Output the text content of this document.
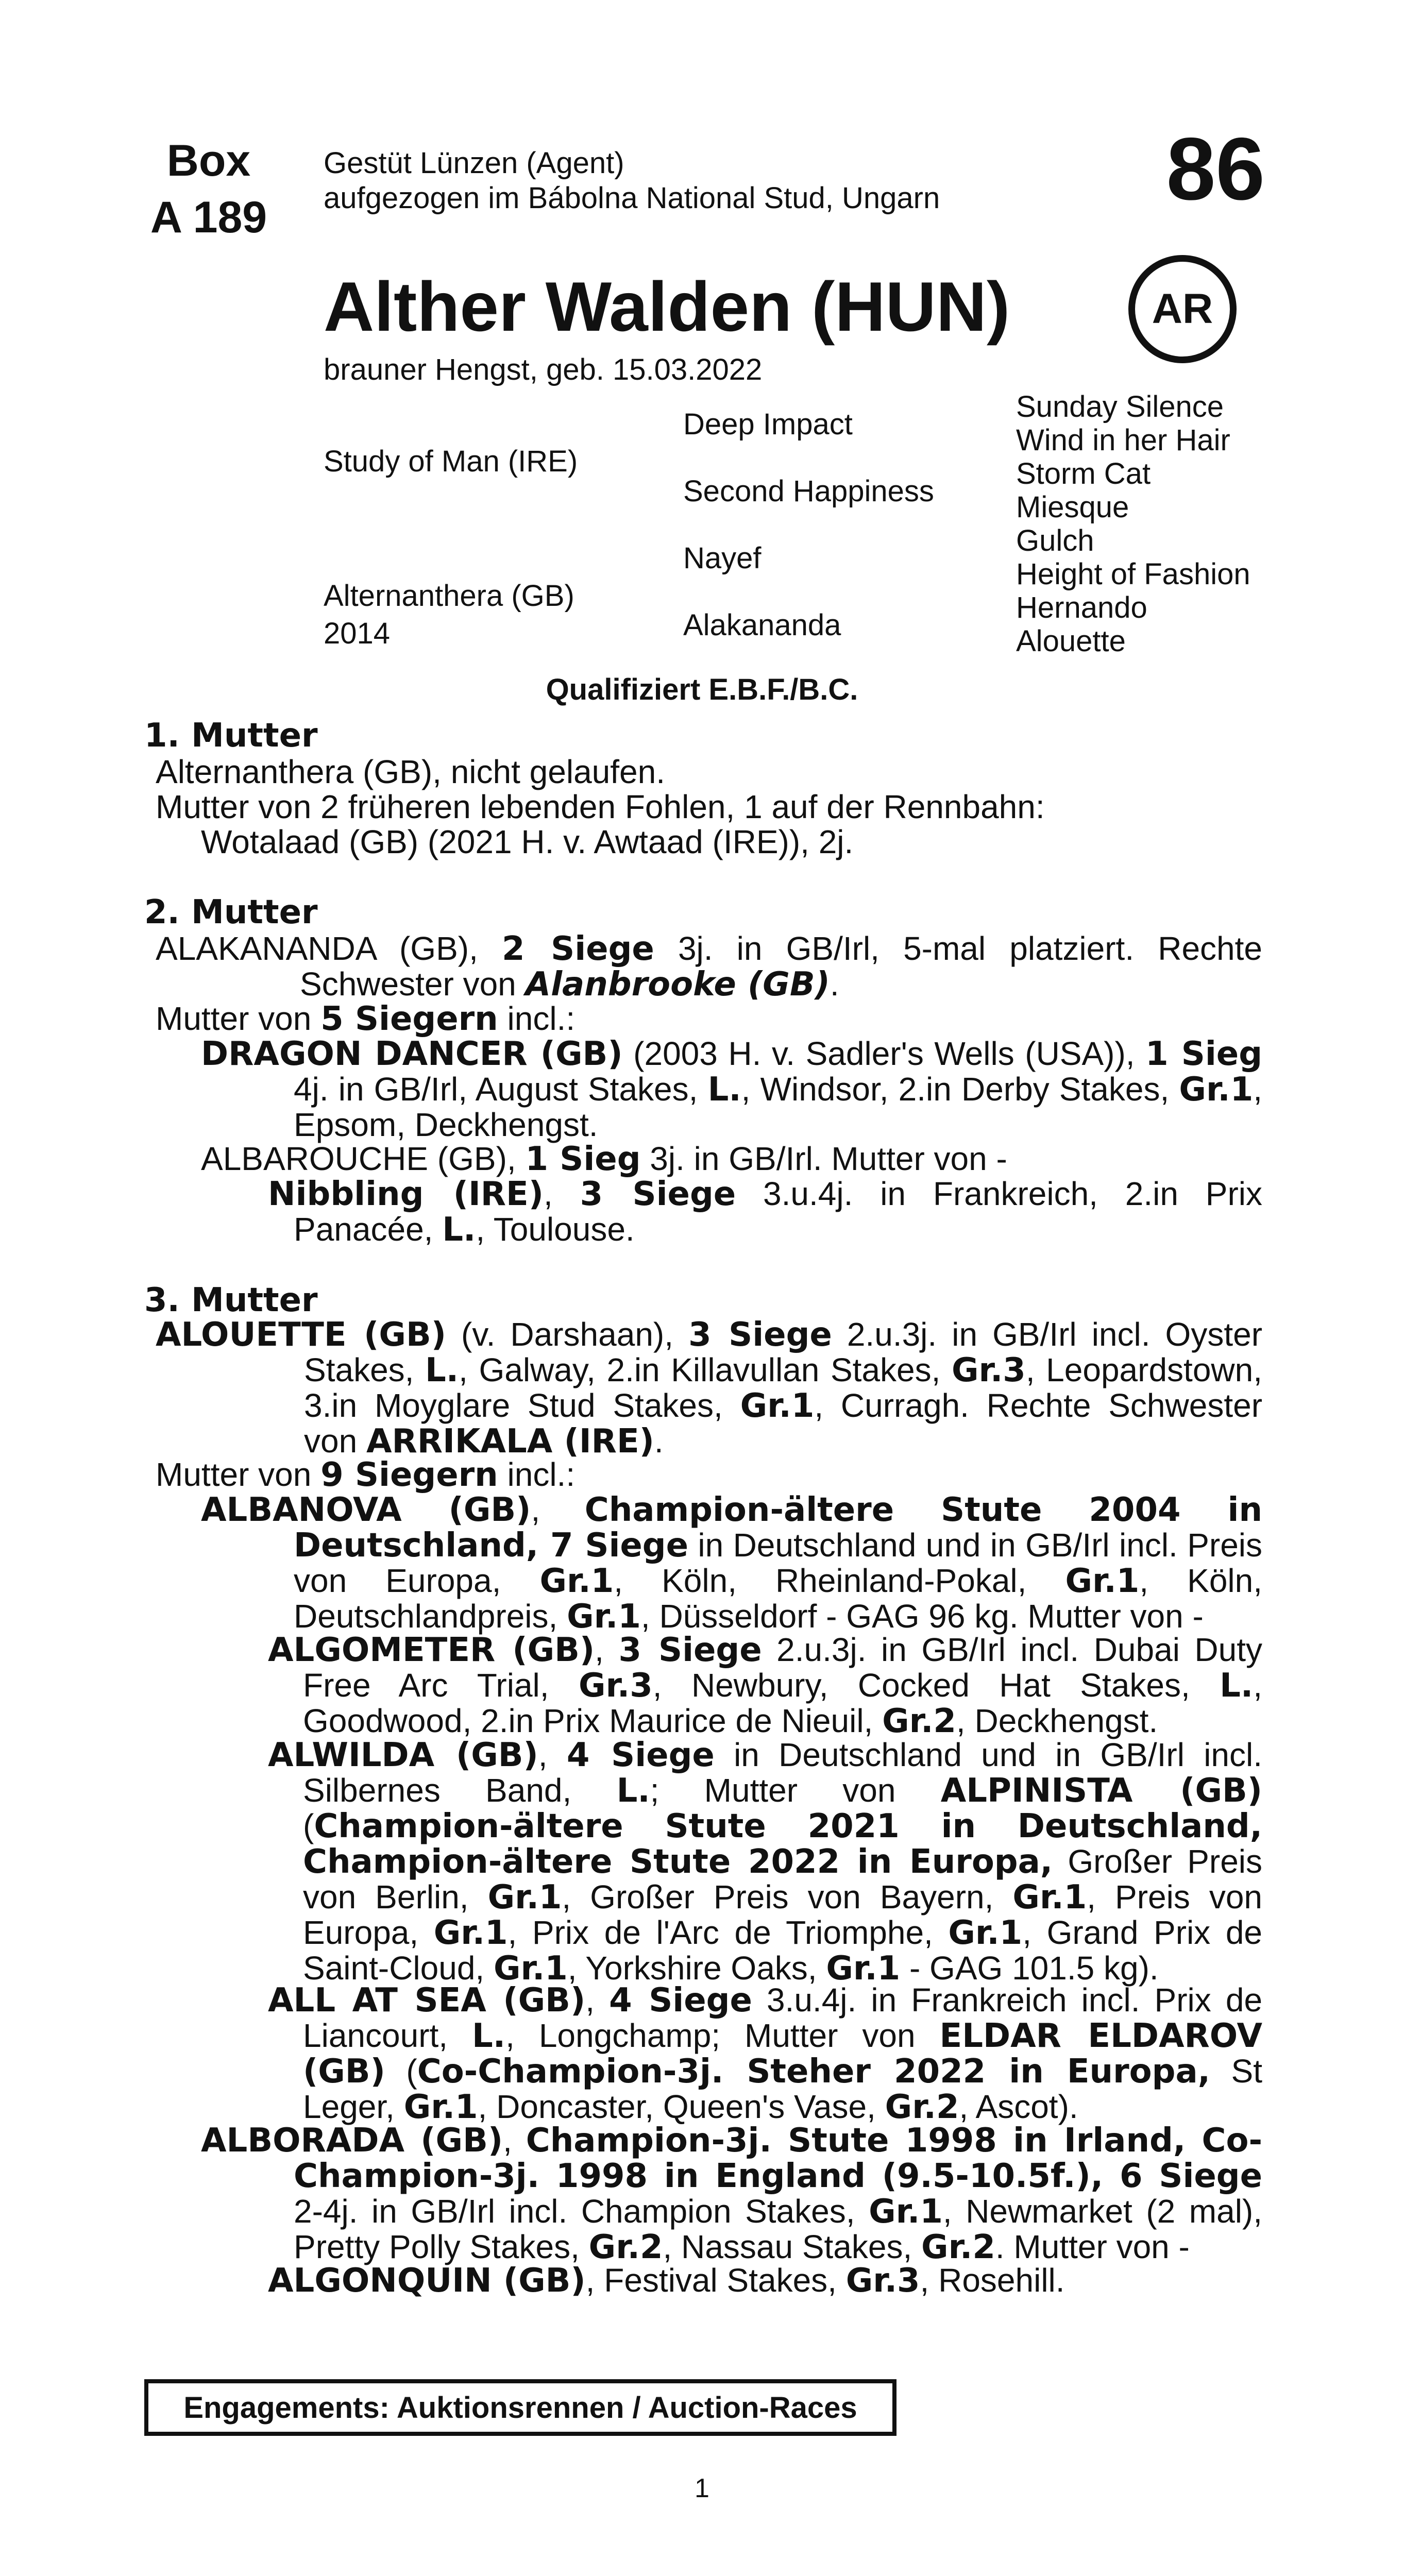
Box
A 189
Gestüt Lünzen (Agent)
aufgezogen im Bábolna National Stud, Ungarn	86
Alther Walden (HUN)	AR
brauner Hengst, geb. 15.03.2022
Study of Man (IRE)
Alternanthera (GB)
2014
Deep Impact
Second Happiness
Nayef
Alakananda
Sunday Silence
Wind in her Hair
Storm Cat
Miesque
Gulch
Height of Fashion
Hernando
Alouette
Qualifiziert E.B.F./B.C.
1. Mutter
Alternanthera (GB), nicht gelaufen.
Mutter von 2 früheren lebenden Fohlen, 1 auf der Rennbahn:
Wotalaad (GB) (2021 H. v. Awtaad (IRE)), 2j.
2. Mutter
ALAKANANDA (GB), 2 Siege 3j. in GB/Irl, 5-mal platziert. Rechte Schwester von Alanbrooke (GB).
Mutter von 5 Siegern incl.:
DRAGON DANCER (GB) (2003 H. v. Sadler's Wells (USA)), 1 Sieg 4j. in GB/Irl, August Stakes, L., Windsor, 2.in Derby Stakes, Gr.1, Epsom, Deckhengst.
ALBAROUCHE (GB), 1 Sieg 3j. in GB/Irl. Mutter von -
Nibbling (IRE), 3 Siege 3.u.4j. in Frankreich, 2.in Prix Panacée, L., Toulouse.
3. Mutter
ALOUETTE (GB) (v. Darshaan), 3 Siege 2.u.3j. in GB/Irl incl. Oyster Stakes, L., Galway, 2.in Killavullan Stakes, Gr.3, Leopardstown, 3.in Moyglare Stud Stakes, Gr.1, Curragh. Rechte Schwester von ARRIKALA (IRE).
Mutter von 9 Siegern incl.:
ALBANOVA (GB), Champion-ältere Stute 2004 in Deutschland, 7 Siege in Deutschland und in GB/Irl incl. Preis von Europa, Gr.1, Köln, Rheinland-Pokal, Gr.1, Köln, Deutschlandpreis, Gr.1, Düsseldorf - GAG 96 kg. Mutter von -
ALGOMETER (GB), 3 Siege 2.u.3j. in GB/Irl incl. Dubai Duty Free Arc Trial, Gr.3, Newbury, Cocked Hat Stakes, L., Goodwood, 2.in Prix Maurice de Nieuil, Gr.2, Deckhengst.
ALWILDA (GB), 4 Siege in Deutschland und in GB/Irl incl. Silbernes Band, L.; Mutter von ALPINISTA (GB) (Champion-ältere Stute 2021 in Deutschland, Champion-ältere Stute 2022 in Europa, Großer Preis von Berlin, Gr.1, Großer Preis von Bayern, Gr.1, Preis von Europa, Gr.1, Prix de l'Arc de Triomphe, Gr.1, Grand Prix de Saint-Cloud, Gr.1, Yorkshire Oaks, Gr.1 - GAG 101.5 kg).
ALL AT SEA (GB), 4 Siege 3.u.4j. in Frankreich incl. Prix de Liancourt, L., Longchamp; Mutter von ELDAR ELDAROV (GB) (Co-Champion-3j. Steher 2022 in Europa, St Leger, Gr.1, Doncaster, Queen's Vase, Gr.2, Ascot).
ALBORADA (GB), Champion-3j. Stute 1998 in Irland, Co-Champion-3j. 1998 in England (9.5-10.5f.), 6 Siege 2-4j. in GB/Irl incl. Champion Stakes, Gr.1, Newmarket (2 mal), Pretty Polly Stakes, Gr.2, Nassau Stakes, Gr.2. Mutter von -
ALGONQUIN (GB), Festival Stakes, Gr.3, Rosehill.
Engagements: Auktionsrennen / Auction-Races
1
